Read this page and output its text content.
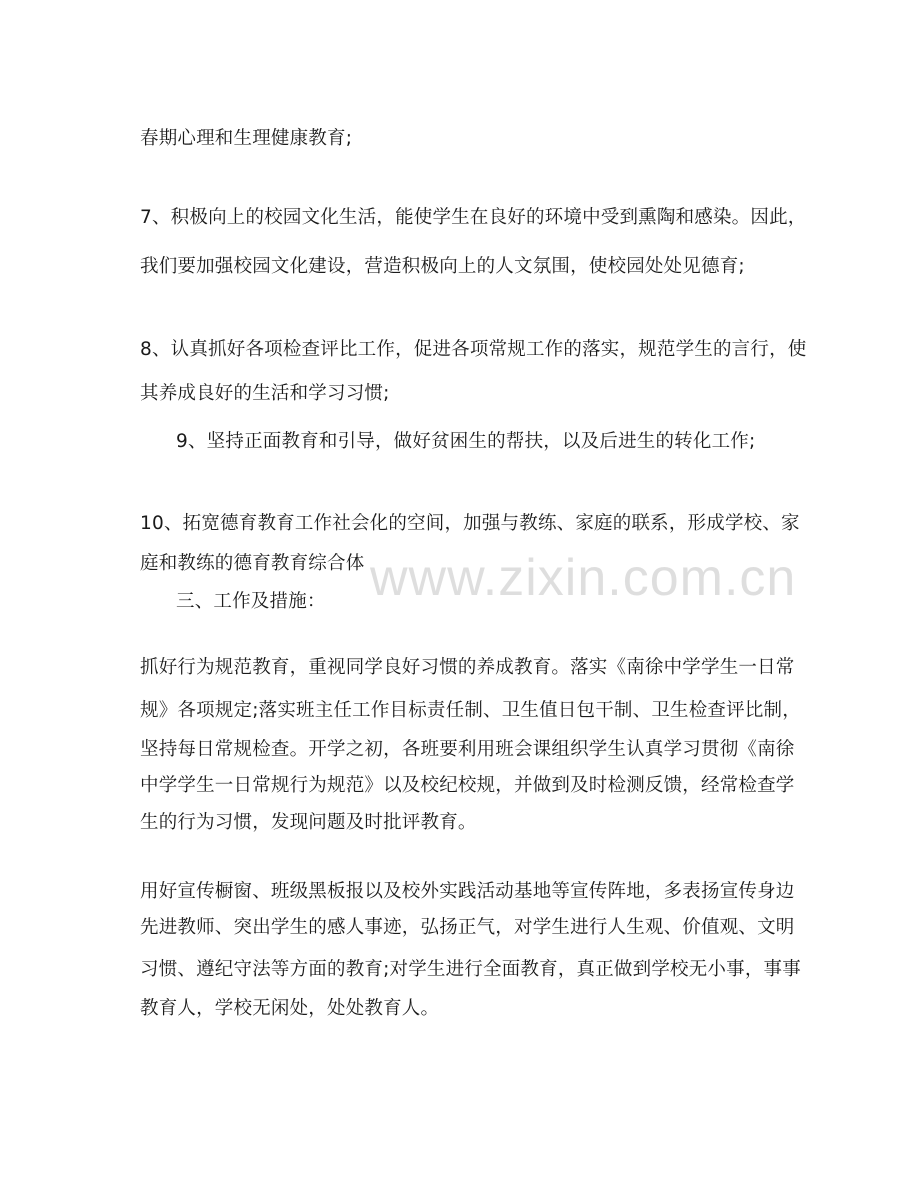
春期心理和生理健康教育;
7、积极向上的校园文化生活，能使学生在良好的环境中受到熏陶和感染。因此，
我们要加强校园文化建设，营造积极向上的人文氛围，使校园处处见德育;
8、认真抓好各项检查评比工作，促进各项常规工作的落实，规范学生的言行，使
其养成良好的生活和学习习惯;
9、坚持正面教育和引导，做好贫困生的帮扶，以及后进生的转化工作;
10、拓宽德育教育工作社会化的空间，加强与教练、家庭的联系，形成学校、家
庭和教练的德育教育综合体
三、工作及措施：
抓好行为规范教育，重视同学良好习惯的养成教育。落实《南徐中学学生一日常
规》各项规定;落实班主任工作目标责任制、卫生值日包干制、卫生检查评比制，
坚持每日常规检查。开学之初，各班要利用班会课组织学生认真学习贯彻《南徐
中学学生一日常规行为规范》以及校纪校规，并做到及时检测反馈，经常检查学
生的行为习惯，发现问题及时批评教育。
用好宣传橱窗、班级黑板报以及校外实践活动基地等宣传阵地，多表扬宣传身边
先进教师、突出学生的感人事迹，弘扬正气，对学生进行人生观、价值观、文明
习惯、遵纪守法等方面的教育;对学生进行全面教育，真正做到学校无小事，事事
教育人，学校无闲处，处处教育人。
www.zixin.com.cn
